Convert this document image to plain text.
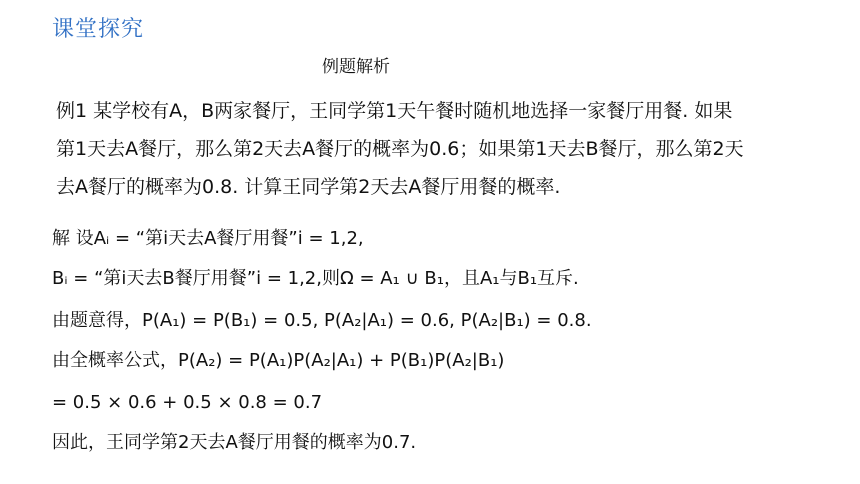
课堂探究
例题解析
例1 某学校有A，B两家餐厅，王同学第1天午餐时随机地选择一家餐厅用餐. 如果
第1天去A餐厅，那么第2天去A餐厅的概率为0.6；如果第1天去B餐厅，那么第2天
去A餐厅的概率为0.8. 计算王同学第2天去A餐厅用餐的概率.
解 设Aᵢ = “第i天去A餐厅用餐”i = 1,2,
Bᵢ = “第i天去B餐厅用餐”i = 1,2,则Ω = A₁ ∪ B₁，且A₁与B₁互斥.
由题意得，P(A₁) = P(B₁) = 0.5, P(A₂|A₁) = 0.6, P(A₂|B₁) = 0.8.
由全概率公式，P(A₂) = P(A₁)P(A₂|A₁) + P(B₁)P(A₂|B₁)
= 0.5 × 0.6 + 0.5 × 0.8 = 0.7
因此，王同学第2天去A餐厅用餐的概率为0.7.
